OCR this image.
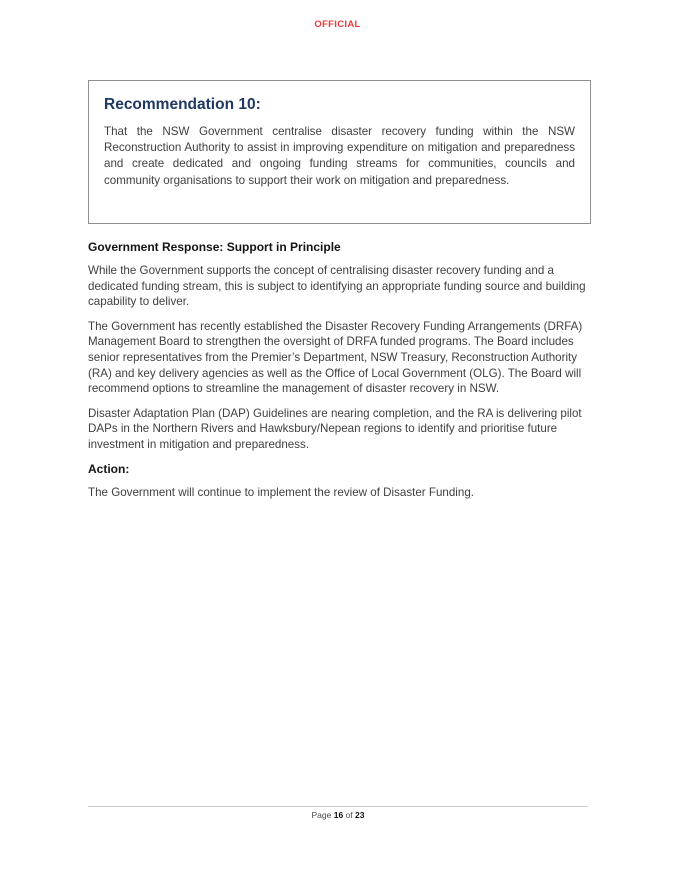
OFFICIAL
Recommendation 10:

That the NSW Government centralise disaster recovery funding within the NSW Reconstruction Authority to assist in improving expenditure on mitigation and preparedness and create dedicated and ongoing funding streams for communities, councils and community organisations to support their work on mitigation and preparedness.

Government Response: Support in Principle

While the Government supports the concept of centralising disaster recovery funding and a dedicated funding stream, this is subject to identifying an appropriate funding source and building capability to deliver.

The Government has recently established the Disaster Recovery Funding Arrangements (DRFA) Management Board to strengthen the oversight of DRFA funded programs. The Board includes senior representatives from the Premier’s Department, NSW Treasury, Reconstruction Authority (RA) and key delivery agencies as well as the Office of Local Government (OLG). The Board will recommend options to streamline the management of disaster recovery in NSW.

Disaster Adaptation Plan (DAP) Guidelines are nearing completion, and the RA is delivering pilot DAPs in the Northern Rivers and Hawksbury/Nepean regions to identify and prioritise future investment in mitigation and preparedness.

Action:

The Government will continue to implement the review of Disaster Funding.

Page 16 of 23
